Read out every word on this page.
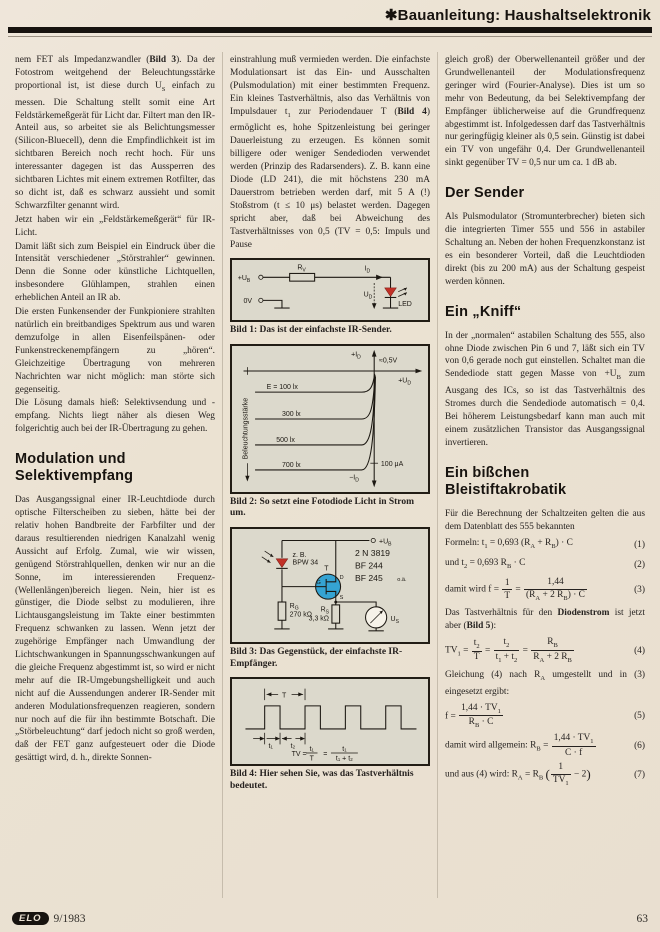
✱Bauanleitung: Haushaltselektronik

nem FET als Impedanzwandler (Bild 3). Da der Fotostrom weitgehend der Beleuchtungsstärke proportional ist, ist diese durch $U_S$ einfach zu messen. Die Schaltung stellt somit eine Art Feldstärkemeßgerät für Licht dar. Filtert man den IR-Anteil aus, so arbeitet sie als Belichtungsmesser (Silicon-Bluecell), denn die Empfindlichkeit ist im sichtbaren Bereich noch recht hoch. Für uns interessanter dagegen ist das Aussperren des sichtbaren Lichtes mit einem extremen Rotfilter, das so dicht ist, daß es schwarz aussieht und somit Schwarzfilter genannt wird.

Jetzt haben wir ein „Feldstärkemeßgerät“ für IR-Licht.

Damit läßt sich zum Beispiel ein Eindruck über die Intensität verschiedener „Störstrahler“ gewinnen. Denn die Sonne oder künstliche Lichtquellen, insbesondere Glühlampen, strahlen einen erheblichen Anteil an IR ab.

Die ersten Funkensender der Funkpioniere strahlten natürlich ein breitbandiges Spektrum aus und waren demzufolge in allen Eisenfeilspänen- oder Funkenstreckenempfängern zu „hören“. Gleichzeitige Übertragung von mehreren Nachrichten war nicht möglich: man störte sich gegenseitig.

Die Lösung damals hieß: Selektivsendung und -empfang. Nichts liegt näher als diesen Weg folgerichtig auch bei der IR-Übertragung zu gehen.

Modulation und Selektivempfang

Das Ausgangssignal einer IR-Leuchtdiode durch optische Filterscheiben zu sieben, hätte bei der relativ hohen Bandbreite der Farbfilter und der daraus resultierenden niedrigen Kanalzahl wenig Aussicht auf Erfolg. Zumal, wie wir wissen, genügend Störstrahlquellen, denken wir nur an die Sonne, im interessierenden Frequenz-(Wellenlängen)bereich liegen. Nein, hier ist es günstiger, die Diode selbst zu modulieren, ihre Lichtausgangsleistung im Takte einer bestimmten Frequenz schwanken zu lassen. Wenn jetzt der zugehörige Empfänger nach Umwandlung der Lichtschwankungen in Spannungsschwankungen auf die gleiche Frequenz abgestimmt ist, so wird er nicht mehr auf die IR-Umgebungshelligkeit und auch nicht auf die Aussendungen anderer IR-Sender mit anderen Modulationsfrequenzen reagieren, sondern nur noch auf die für ihn bestimmte Botschaft. Die „Störbeleuchtung“ darf jedoch nicht so groß werden, daß der FET ganz aufgesteuert oder die Diode gesättigt wird, d. h., direkte Sonnen-

einstrahlung muß vermieden werden. Die einfachste Modulationsart ist das Ein- und Ausschalten (Pulsmodulation) mit einer bestimmten Frequenz. Ein kleines Tastverhältnis, also das Verhältnis von Impulsdauer $t_1$ zur Periodendauer T (Bild 4) ermöglicht es, hohe Spitzenleistung bei geringer Dauerleistung zu erzeugen. Es können somit billigere oder weniger Sendedioden verwendet werden (Prinzip des Radarsenders). Z. B. kann eine Diode (LD 241), die mit höchstens 230 mA Dauerstrom betrieben werden darf, mit 5 A (!) Stoßstrom (t ≤ 10 μs) belastet werden. Dagegen spricht aber, daß bei Abweichung des Tastverhältnisses von 0,5 (TV = 0,5: Impuls und Pause

$+U_B$
$R_V$	$I_D$
LED
$U_D$
0V
Bild 1: Das ist der einfachste IR-Sender.
$+I_D$
$-I_D$
$+U_D$
≈0,5V
E = 100 lx
300 lx
500 lx
700 lx	100 μA
Beleuchtungsstärke
Bild 2: So setzt eine Fotodiode Licht in Strom um.
$+U_B$
z. B.
BPW 34
T
G
D
S
2 N 3819
BF 244
BF 245 o.ä.
$R_G$
270 kΩ
$R_S$
3,3 kΩ	$U_S$
Bild 3: Das Gegenstück, der einfachste IR-Empfänger.
T
t₁ t₂
TV =
t₁
T
=
t₁
t₁ + t₂
Bild 4: Hier sehen Sie, was das Tastverhältnis bedeutet.

gleich groß) der Oberwellenanteil größer und der Grundwellenanteil der Modulationsfrequenz geringer wird (Fourier-Analyse). Dies ist um so mehr von Bedeutung, da bei Selektivempfang der Empfänger üblicherweise auf die Grundfrequenz abgestimmt ist. Infolgedessen darf das Tastverhältnis nur geringfügig kleiner als 0,5 sein. Günstig ist dabei ein TV von ungefähr 0,4. Der Grundwellenanteil sinkt gegenüber TV = 0,5 nur um ca. 1 dB ab.

Der Sender

Als Pulsmodulator (Stromunterbrecher) bieten sich die integrierten Timer 555 und 556 in astabiler Schaltung an. Neben der hohen Frequenzkonstanz ist es ein besonderer Vorteil, daß die Leuchtdioden direkt (bis zu 200 mA) aus der Schaltung gespeist werden können.

Ein „Kniff“

In der „normalen“ astabilen Schaltung des 555, also ohne Diode zwischen Pin 6 und 7, läßt sich ein TV von 0,6 gerade noch gut einstellen. Schaltet man die Sendediode statt gegen Masse von $+U_B$ zum Ausgang des ICs, so ist das Tastverhältnis des Stromes durch die Sendediode automatisch = 0,4. Bei höherem Leistungsbedarf kann man auch mit einem zusätzlichen Transistor das Ausgangssignal invertieren.

Ein bißchen Bleistiftakrobatik

Für die Berechnung der Schaltzeiten gelten die aus dem Datenblatt des 555 bekannten

Formeln: $t_1 = 0,693$ $(R_A + R_B) \cdot C$	(1)
und $t_2 = 0,693$ $R_B \cdot C$	(2)
damit wird $f = \frac{1}{T} = \frac{1,44}{(R_A + 2 R_B) \cdot C}$	(3)

Das Tastverhältnis für den Diodenstrom ist jetzt aber (Bild 5):

$TV_1 = \frac{t_2}{T} = \frac{t_2}{t_1 + t_2} = \frac{R_B}{R_A + 2 R_B}$	(4)

Gleichung (4) nach $R_A$ umgestellt und in (3) eingesetzt ergibt:

$f = \frac{1,44 \cdot TV_1}{R_B \cdot C}$	(5)
damit wird allgemein: $R_B = \frac{1,44 \cdot TV_1}{C \cdot f}$	(6)
und aus (4) wird: $R_A = R_B$ ( $\frac{1}{TV_1} - 2$)	(7)
ELO	9/1983	63
